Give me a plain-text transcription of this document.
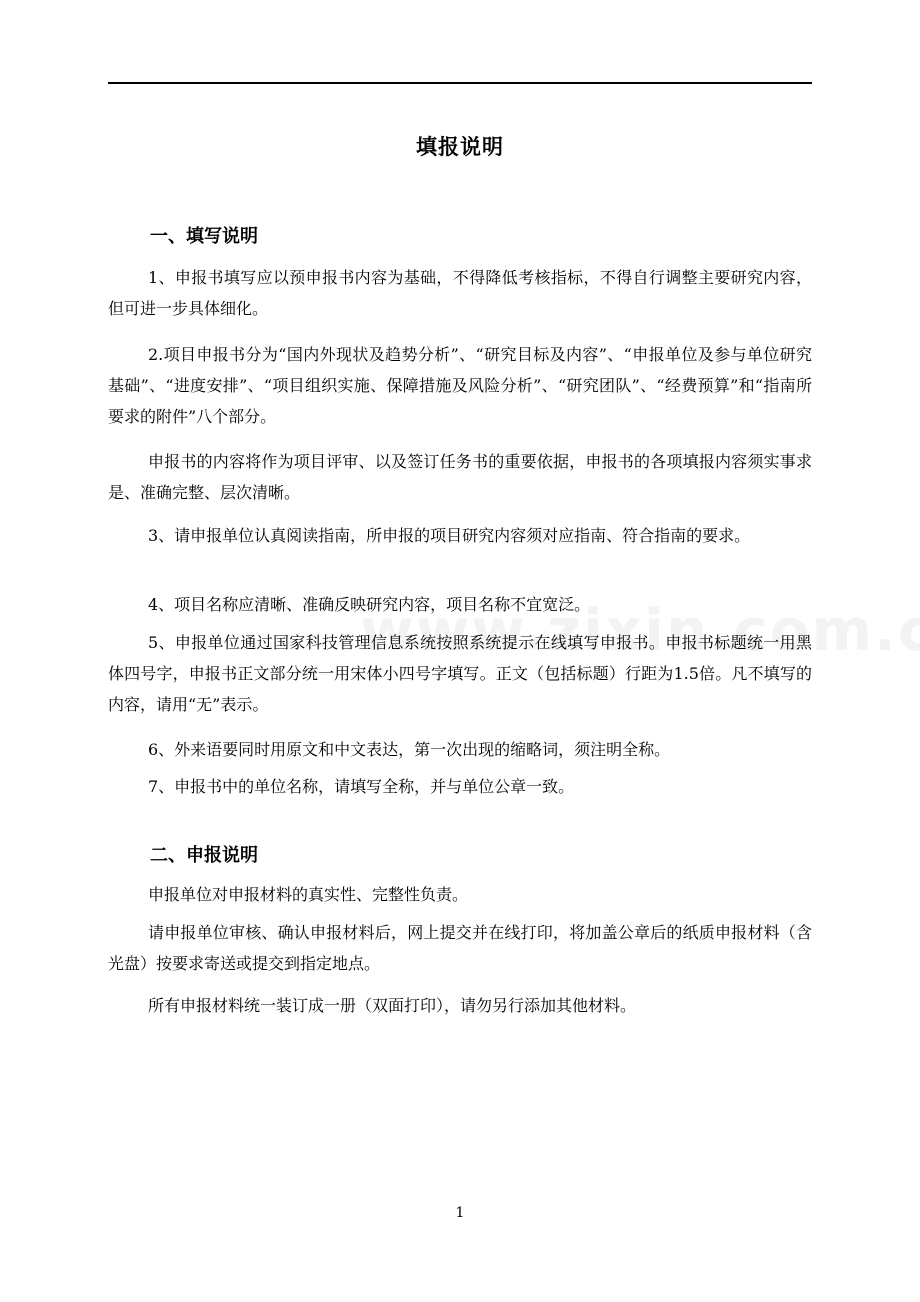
填报说明
一、填写说明

1、申报书填写应以预申报书内容为基础，不得降低考核指标，不得自行调整主要研究内容，但可进一步具体细化。

2.项目申报书分为“国内外现状及趋势分析”、“研究目标及内容”、“申报单位及参与单位研究基础”、“进度安排”、“项目组织实施、保障措施及风险分析”、“研究团队”、“经费预算”和“指南所要求的附件”八个部分。

申报书的内容将作为项目评审、以及签订任务书的重要依据，申报书的各项填报内容须实事求是、准确完整、层次清晰。

3、请申报单位认真阅读指南，所申报的项目研究内容须对应指南、符合指南的要求。

4、项目名称应清晰、准确反映研究内容，项目名称不宜宽泛。

5、申报单位通过国家科技管理信息系统按照系统提示在线填写申报书。申报书标题统一用黑体四号字，申报书正文部分统一用宋体小四号字填写。正文（包括标题）行距为1.5倍。凡不填写的内容，请用“无”表示。

6、外来语要同时用原文和中文表达，第一次出现的缩略词，须注明全称。

7、申报书中的单位名称，请填写全称，并与单位公章一致。

二、申报说明

申报单位对申报材料的真实性、完整性负责。

请申报单位审核、确认申报材料后，网上提交并在线打印，将加盖公章后的纸质申报材料（含光盘）按要求寄送或提交到指定地点。

所有申报材料统一装订成一册（双面打印），请勿另行添加其他材料。

1
